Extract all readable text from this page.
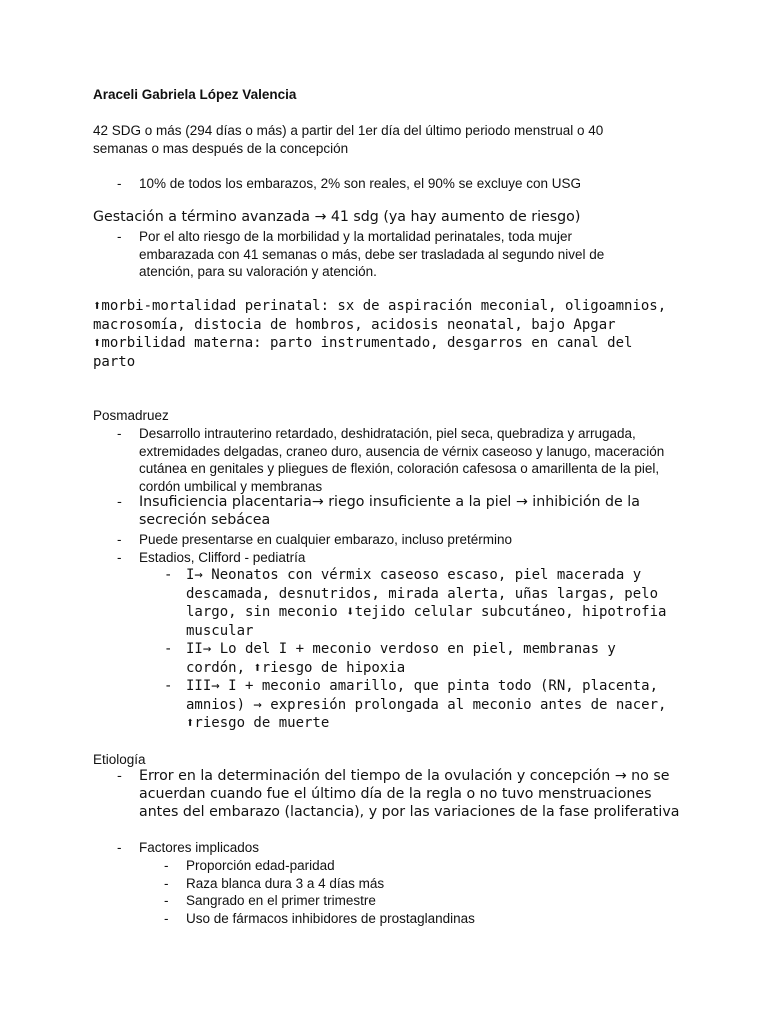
Araceli Gabriela López Valencia

42 SDG o más (294 días o más) a partir del 1er día del último periodo menstrual o 40 semanas o mas después de la concepción

- 10% de todos los embarazos, 2% son reales, el 90% se excluye con USG

Gestación a término avanzada → 41 sdg (ya hay aumento de riesgo)

- Por el alto riesgo de la morbilidad y la mortalidad perinatales, toda mujer embarazada con 41 semanas o más, debe ser trasladada al segundo nivel de atención, para su valoración y atención.

⬆morbi-mortalidad perinatal: sx de aspiración meconial, oligoamnios, macrosomía, distocia de hombros, acidosis neonatal, bajo Apgar

⬆morbilidad materna: parto instrumentado, desgarros en canal del parto

Posmadruez

- Desarrollo intrauterino retardado, deshidratación, piel seca, quebradiza y arrugada, extremidades delgadas, craneo duro, ausencia de vérnix caseoso y lanugo, maceración cutánea en genitales y pliegues de flexión, coloración cafesosa o amarillenta de la piel, cordón umbilical y membranas
- Insuficiencia placentaria→ riego insuficiente a la piel → inhibición de la secreción sebácea
- Puede presentarse en cualquier embarazo, incluso pretérmino
- Estadios, Clifford - pediatría
- I→ Neonatos con vérmix caseoso escaso, piel macerada y descamada, desnutridos, mirada alerta, uñas largas, pelo largo, sin meconio ⬇tejido celular subcutáneo, hipotrofia muscular
- II→ Lo del I + meconio verdoso en piel, membranas y cordón, ⬆riesgo de hipoxia
- III→ I + meconio amarillo, que pinta todo (RN, placenta, amnios) → expresión prolongada al meconio antes de nacer, ⬆riesgo de muerte

Etiología

- Error en la determinación del tiempo de la ovulación y concepción → no se acuerdan cuando fue el último día de la regla o no tuvo menstruaciones antes del embarazo (lactancia), y por las variaciones de la fase proliferativa
- Factores implicados
- Proporción edad-paridad
- Raza blanca dura 3 a 4 días más
- Sangrado en el primer trimestre
- Uso de fármacos inhibidores de prostaglandinas
